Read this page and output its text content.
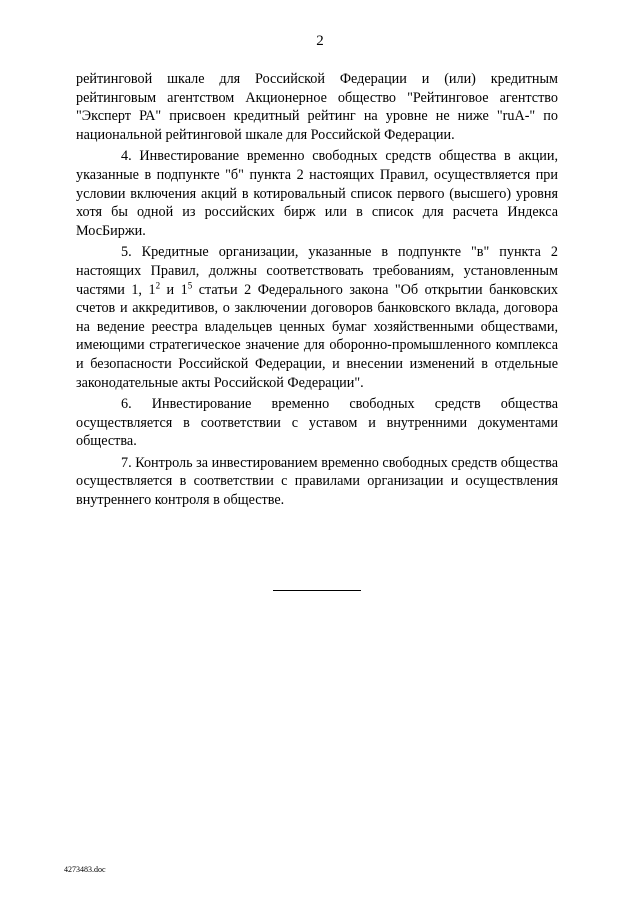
2

рейтинговой шкале для Российской Федерации и (или) кредитным рейтинговым агентством Акционерное общество "Рейтинговое агентство "Эксперт РА" присвоен кредитный рейтинг на уровне не ниже "ruA-" по национальной рейтинговой шкале для Российской Федерации.

4. Инвестирование временно свободных средств общества в акции, указанные в подпункте "б" пункта 2 настоящих Правил, осуществляется при условии включения акций в котировальный список первого (высшего) уровня хотя бы одной из российских бирж или в список для расчета Индекса МосБиржи.

5. Кредитные организации, указанные в подпункте "в" пункта 2 настоящих Правил, должны соответствовать требованиям, установленным частями 1, $1^2$ и $1^5$ статьи 2 Федерального закона "Об открытии банковских счетов и аккредитивов, о заключении договоров банковского вклада, договора на ведение реестра владельцев ценных бумаг хозяйственными обществами, имеющими стратегическое значение для оборонно-промышленного комплекса и безопасности Российской Федерации, и внесении изменений в отдельные законодательные акты Российской Федерации".

6. Инвестирование временно свободных средств общества осуществляется в соответствии с уставом и внутренними документами общества.

7. Контроль за инвестированием временно свободных средств общества осуществляется в соответствии с правилами организации и осуществления внутреннего контроля в обществе.

4273483.doc
